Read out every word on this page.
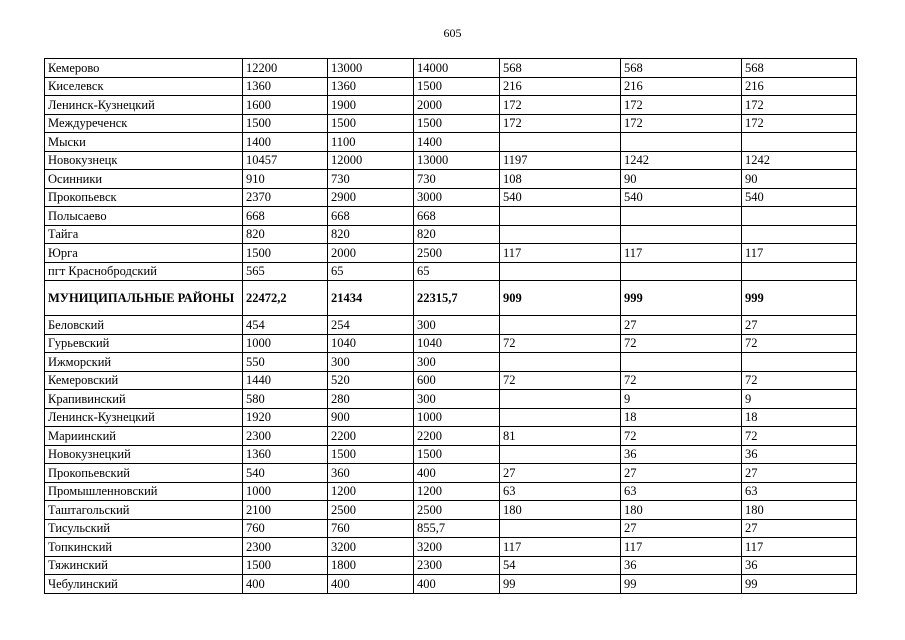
605
Кемерово	12200	13000	14000	568	568	568
Киселевск	1360	1360	1500	216	216	216
Ленинск-Кузнецкий	1600	1900	2000	172	172	172
Междуреченск	1500	1500	1500	172	172	172
Мыски	1400	1100	1400			
Новокузнецк	10457	12000	13000	1197	1242	1242
Осинники	910	730	730	108	90	90
Прокопьевск	2370	2900	3000	540	540	540
Полысаево	668	668	668			
Тайга	820	820	820			
Юрга	1500	2000	2500	117	117	117
пгт Краснобродский	565	65	65			
МУНИЦИПАЛЬНЫЕ РАЙОНЫ	22472,2	21434	22315,7	909	999	999
Беловский	454	254	300		27	27
Гурьевский	1000	1040	1040	72	72	72
Ижморский	550	300	300			
Кемеровский	1440	520	600	72	72	72
Крапивинский	580	280	300		9	9
Ленинск-Кузнецкий	1920	900	1000		18	18
Мариинский	2300	2200	2200	81	72	72
Новокузнецкий	1360	1500	1500		36	36
Прокопьевский	540	360	400	27	27	27
Промышленновский	1000	1200	1200	63	63	63
Таштагольский	2100	2500	2500	180	180	180
Тисульский	760	760	855,7		27	27
Топкинский	2300	3200	3200	117	117	117
Тяжинский	1500	1800	2300	54	36	36
Чебулинский	400	400	400	99	99	99
